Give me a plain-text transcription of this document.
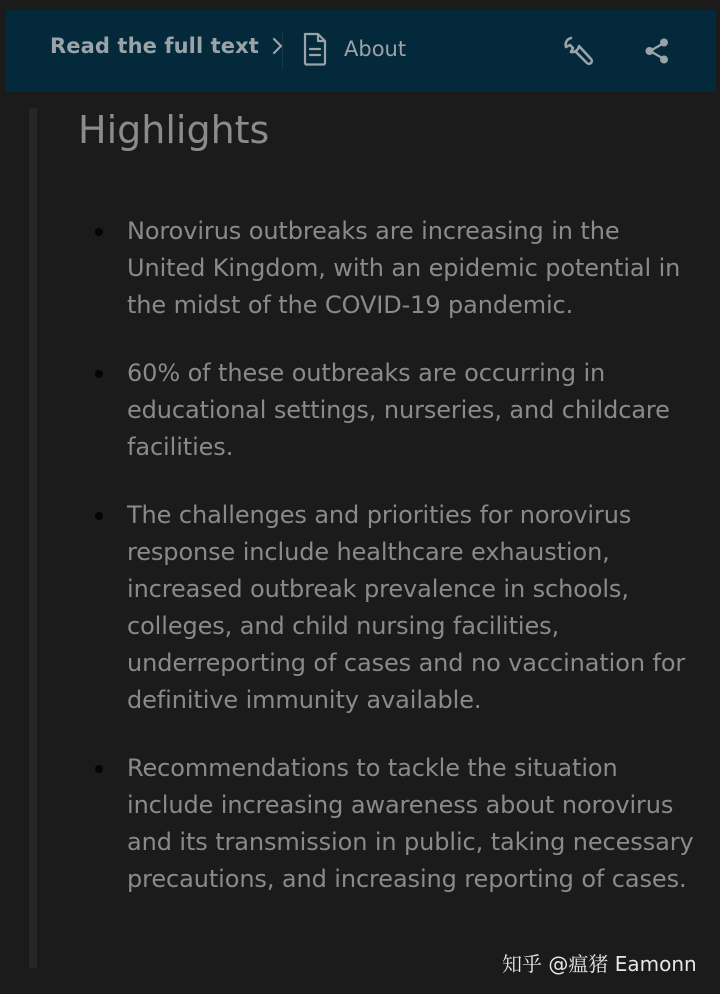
Read the full text	About
Highlights
Norovirus outbreaks are increasing in the United Kingdom, with an epidemic potential in the midst of the COVID-19 pandemic.
60% of these outbreaks are occurring in educational settings, nurseries, and childcare facilities.
The challenges and priorities for norovirus response include healthcare exhaustion, increased outbreak prevalence in schools, colleges, and child nursing facilities, underreporting of cases and no vaccination for definitive immunity available.
Recommendations to tackle the situation include increasing awareness about norovirus and its transmission in public, taking necessary precautions, and increasing reporting of cases.
知乎 @瘟猪 Eamonn
